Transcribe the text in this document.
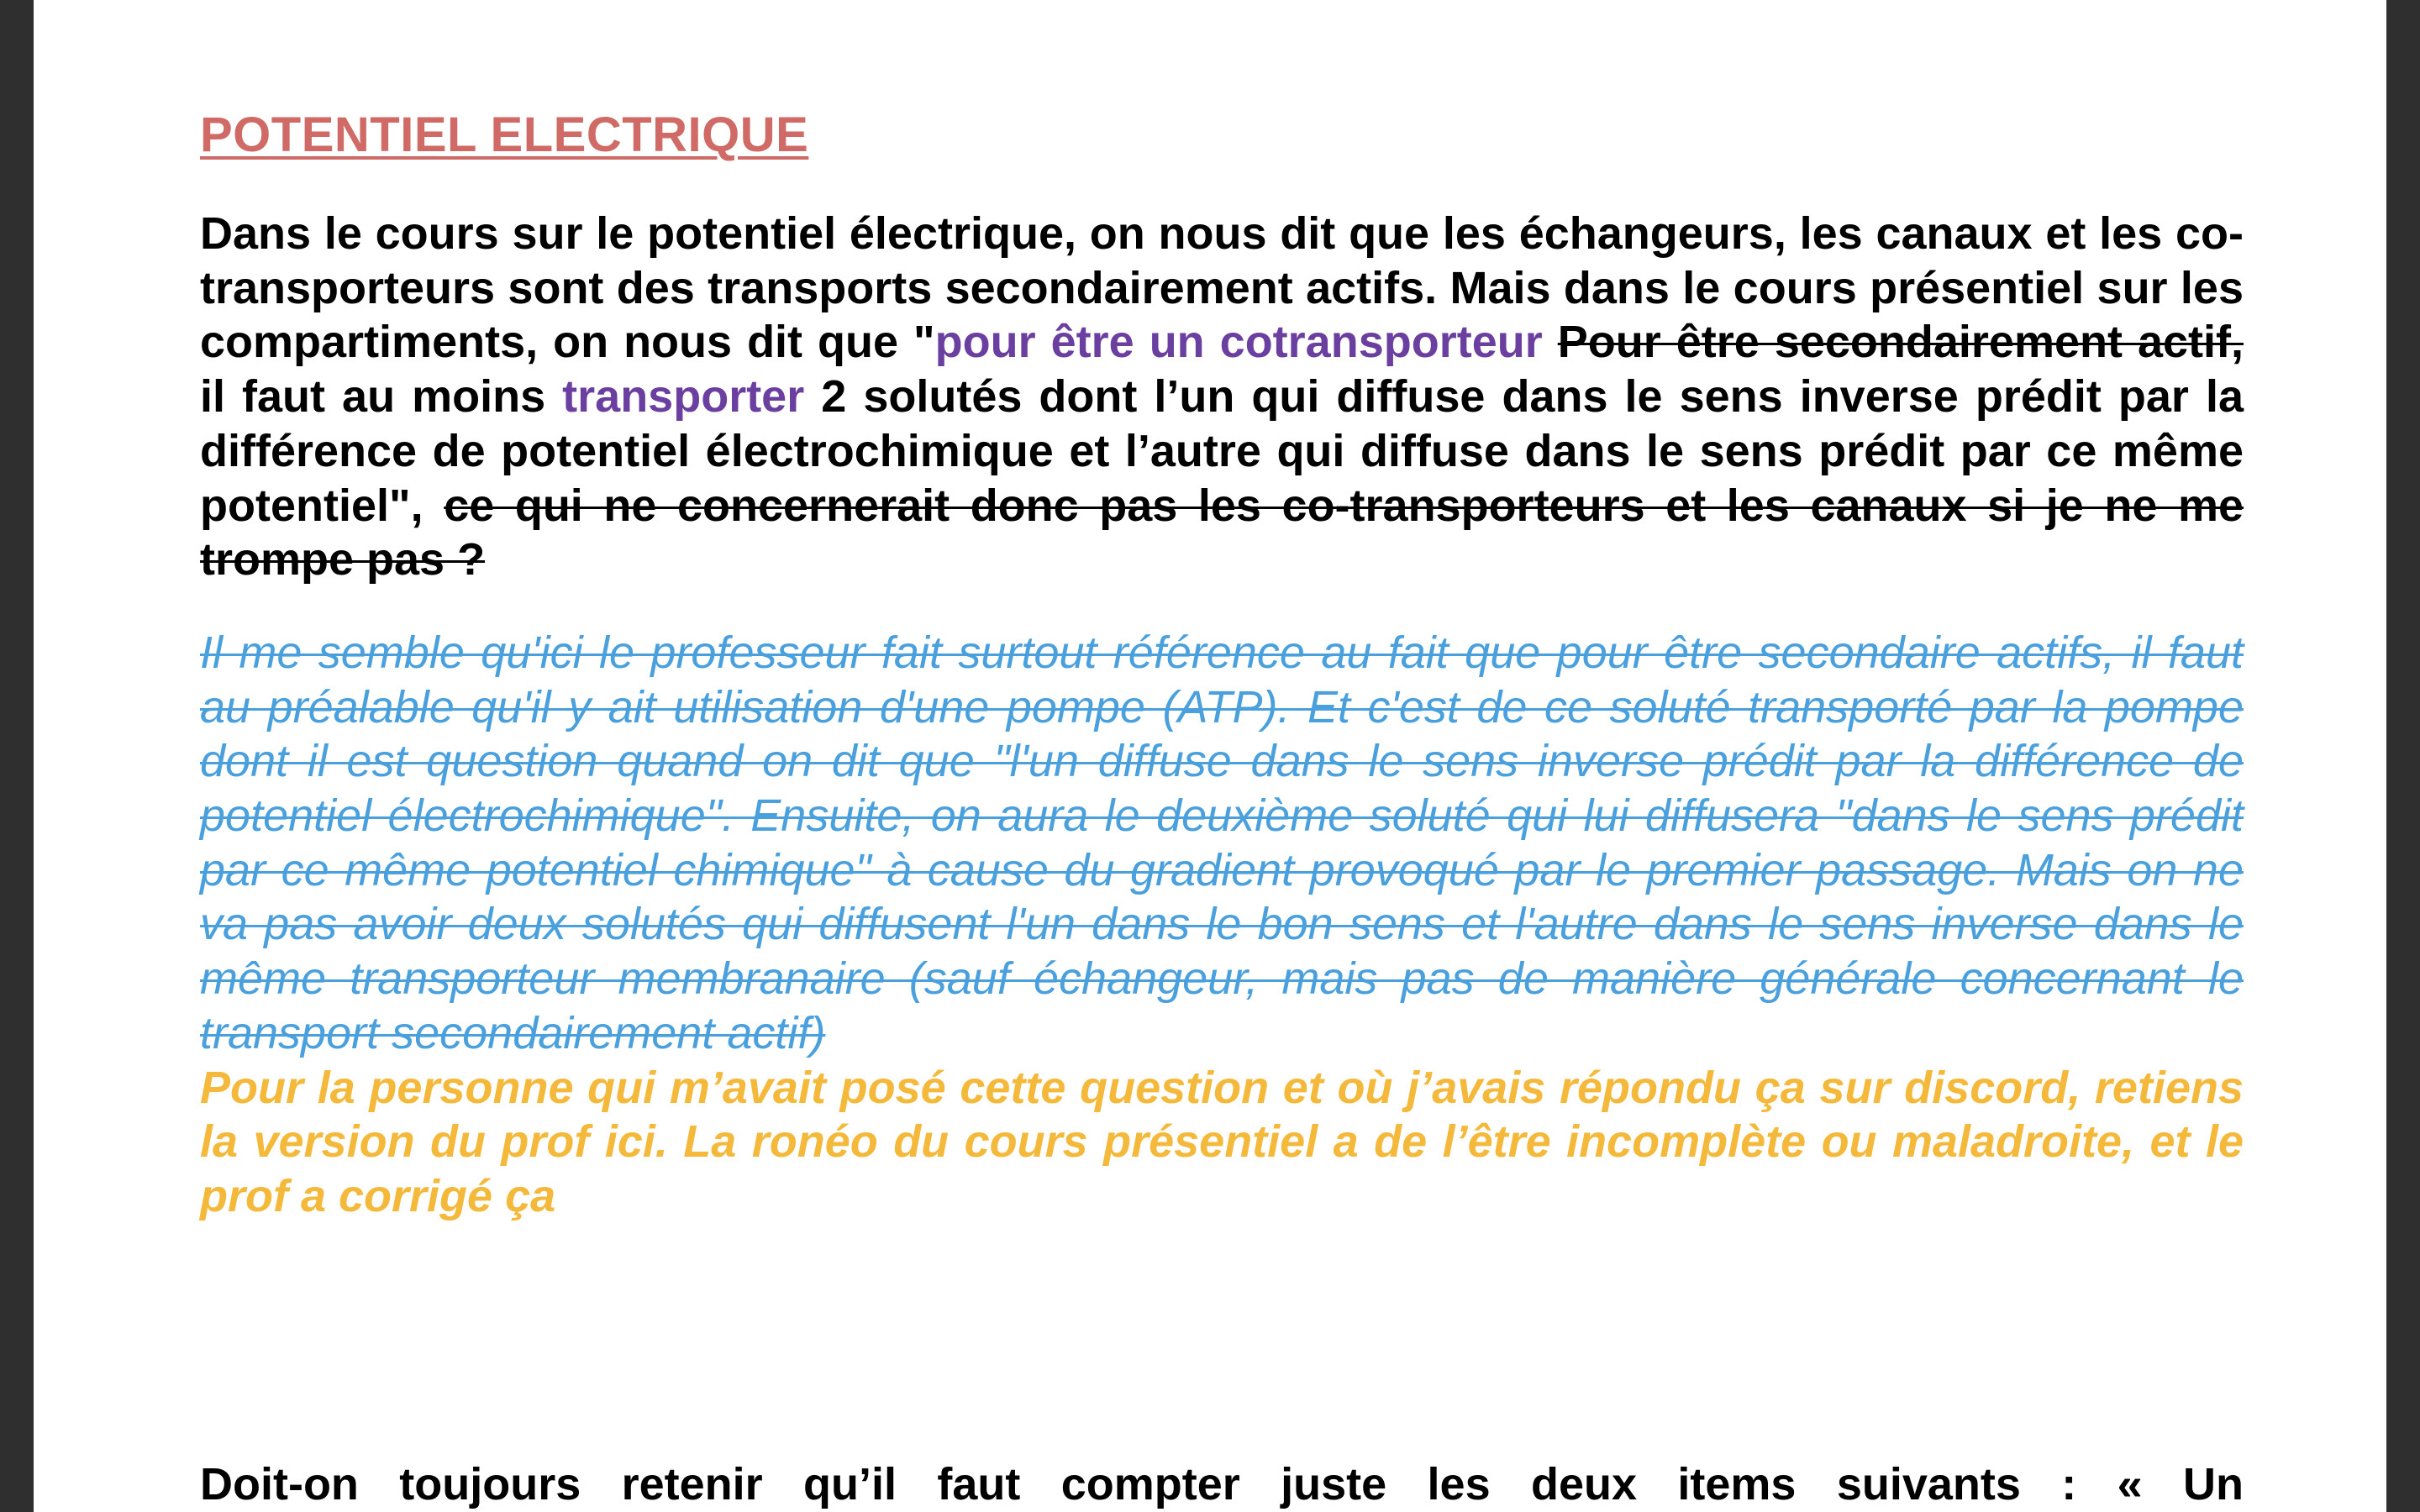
POTENTIEL ELECTRIQUE

Dans le cours sur le potentiel électrique, on nous dit que les échangeurs, les canaux et les co-transporteurs sont des transports secondairement actifs. Mais dans le cours présentiel sur les compartiments, on nous dit que "pour être un cotransporteur Pour être secondairement actif, il faut au moins transporter 2 solutés dont l’un qui diffuse dans le sens inverse prédit par la différence de potentiel électrochimique et l’autre qui diffuse dans le sens prédit par ce même potentiel", ce qui ne concernerait donc pas les co-transporteurs et les canaux si je ne me trompe pas ?

Il me semble qu'ici le professeur fait surtout référence au fait que pour être secondaire actifs, il faut au préalable qu'il y ait utilisation d'une pompe (ATP). Et c'est de ce soluté transporté par la pompe dont il est question quand on dit que "l'un diffuse dans le sens inverse prédit par la différence de potentiel électrochimique". Ensuite, on aura le deuxième soluté qui lui diffusera "dans le sens prédit par ce même potentiel chimique" à cause du gradient provoqué par le premier passage. Mais on ne va pas avoir deux solutés qui diffusent l'un dans le bon sens et l'autre dans le sens inverse dans le même transporteur membranaire (sauf échangeur, mais pas de manière générale concernant le transport secondairement actif)

Pour la personne qui m’avait posé cette question et où j’avais répondu ça sur discord, retiens la version du prof ici. La ronéo du cours présentiel a de l’être incomplète ou maladroite, et le prof a corrigé ça

Doit-on toujours retenir qu’il faut compter juste les deux items suivants : « Un
